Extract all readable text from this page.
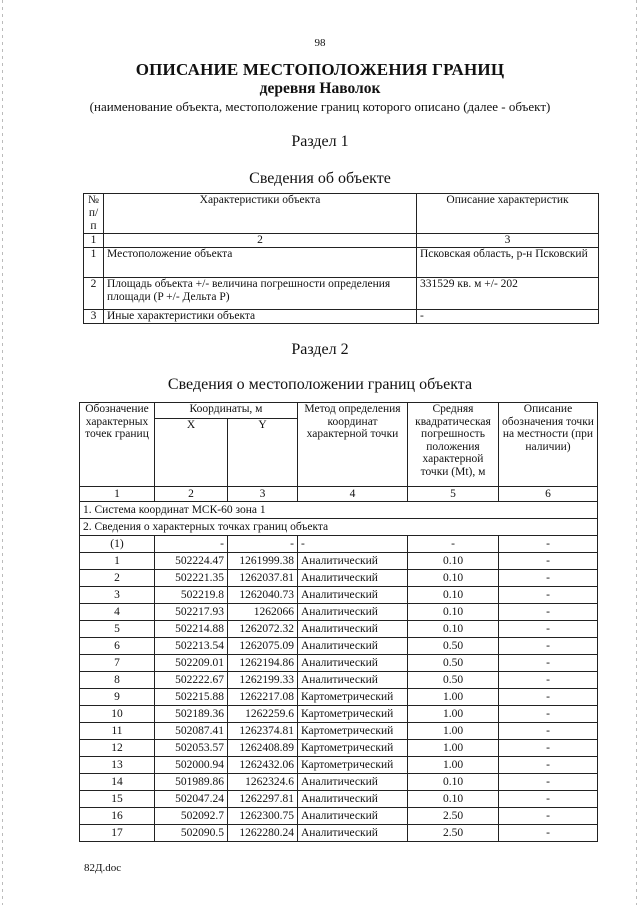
98
ОПИСАНИЕ МЕСТОПОЛОЖЕНИЯ ГРАНИЦ
деревня Наволок
(наименование объекта, местоположение границ которого описано (далее - объект)
Раздел 1
Сведения об объекте
№ п/п	Характеристики объекта	Описание характеристик
1	2	3
1	Местоположение объекта	Псковская область, р-н Псковский
2	Площадь объекта +/- величина погрешности определения площади (P +/- Дельта P)	331529 кв. м +/- 202
3	Иные характеристики объекта	-
Раздел 2
Сведения о местоположении границ объекта
Обозначение характерных точек границ	Координаты, м		Метод определения координат характерной точки	Средняя квадратическая погрешность положения характерной точки (Mt), м	Описание обозначения точки на местности (при наличии)
	X	Y			
1	2	3	4	5	6
1. Система координат МСК-60 зона 1					
2. Сведения о характерных точках границ объекта					
(1)	-	-	-	-	-
1	502224.47	1261999.38	Аналитический	0.10	-
2	502221.35	1262037.81	Аналитический	0.10	-
3	502219.8	1262040.73	Аналитический	0.10	-
4	502217.93	1262066	Аналитический	0.10	-
5	502214.88	1262072.32	Аналитический	0.10	-
6	502213.54	1262075.09	Аналитический	0.50	-
7	502209.01	1262194.86	Аналитический	0.50	-
8	502222.67	1262199.33	Аналитический	0.50	-
9	502215.88	1262217.08	Картометрический	1.00	-
10	502189.36	1262259.6	Картометрический	1.00	-
11	502087.41	1262374.81	Картометрический	1.00	-
12	502053.57	1262408.89	Картометрический	1.00	-
13	502000.94	1262432.06	Картометрический	1.00	-
14	501989.86	1262324.6	Аналитический	0.10	-
15	502047.24	1262297.81	Аналитический	0.10	-
16	502092.7	1262300.75	Аналитический	2.50	-
17	502090.5	1262280.24	Аналитический	2.50	-
82Д.doc
